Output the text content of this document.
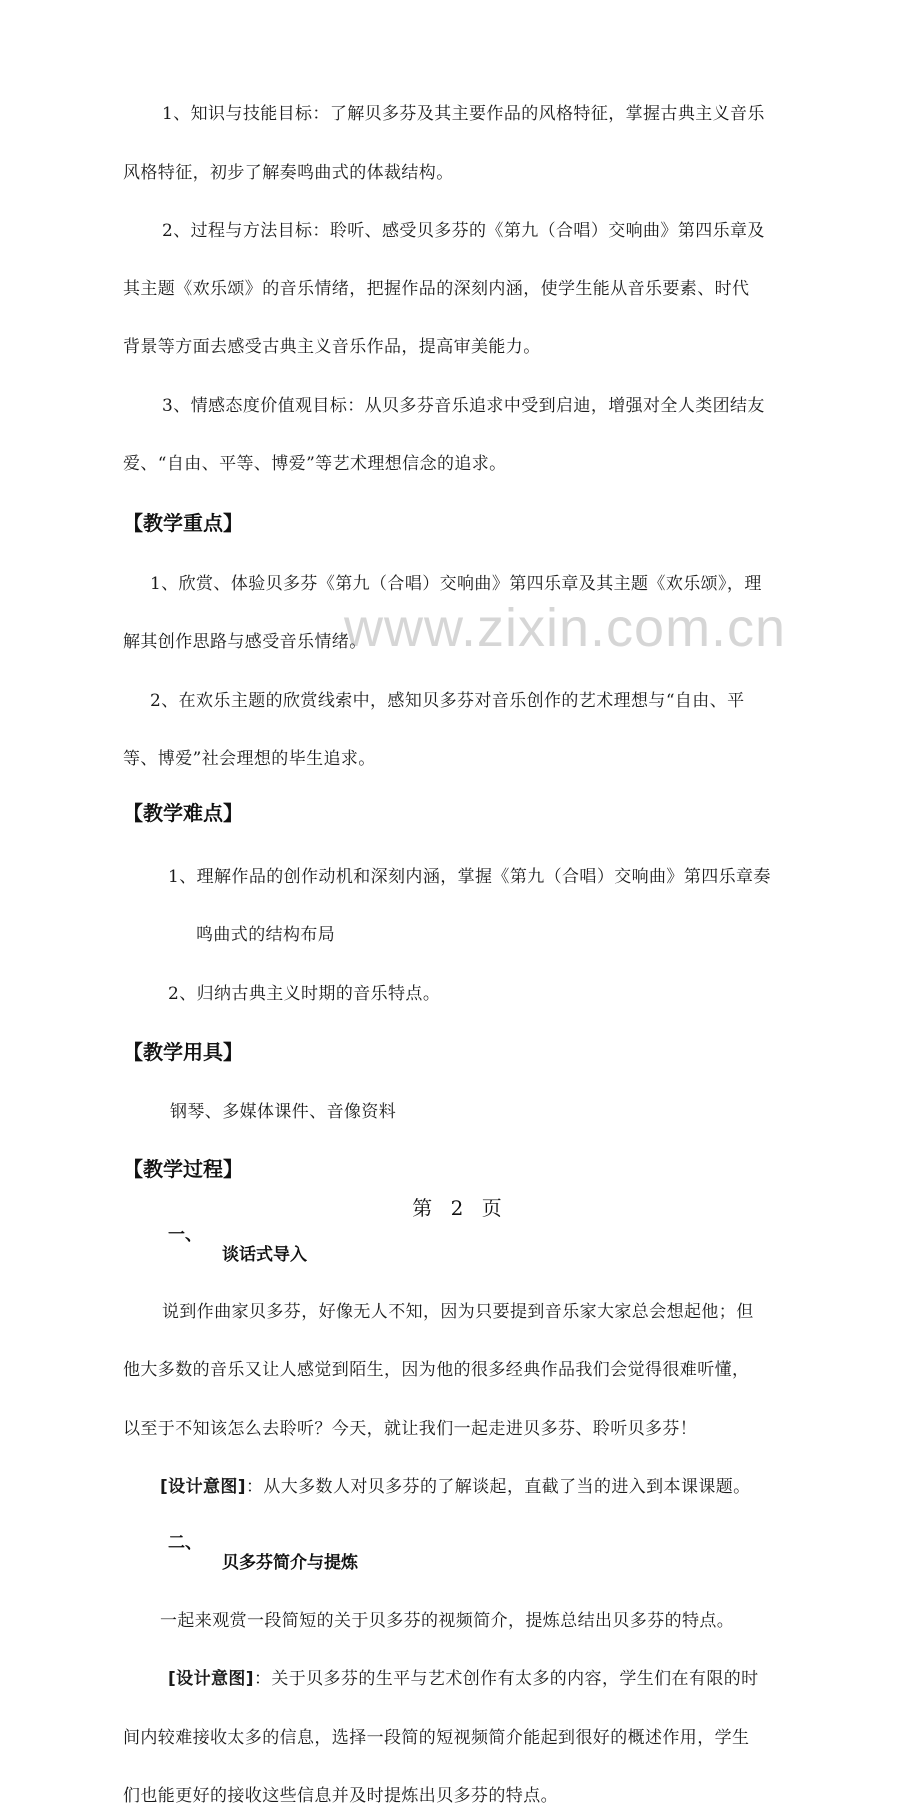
www.zixin.com.cn
1、知识与技能目标：了解贝多芬及其主要作品的风格特征，掌握古典主义音乐
风格特征，初步了解奏鸣曲式的体裁结构。
2、过程与方法目标：聆听、感受贝多芬的《第九（合唱）交响曲》第四乐章及
其主题《欢乐颂》的音乐情绪，把握作品的深刻内涵，使学生能从音乐要素、时代
背景等方面去感受古典主义音乐作品，提高审美能力。
3、情感态度价值观目标：从贝多芬音乐追求中受到启迪，增强对全人类团结友
爱、“自由、平等、博爱”等艺术理想信念的追求。
【教学重点】
1、欣赏、体验贝多芬《第九（合唱）交响曲》第四乐章及其主题《欢乐颂》，理
解其创作思路与感受音乐情绪。
2、在欢乐主题的欣赏线索中，感知贝多芬对音乐创作的艺术理想与“自由、平
等、博爱”社会理想的毕生追求。
【教学难点】
1、理解作品的创作动机和深刻内涵，掌握《第九（合唱）交响曲》第四乐章奏
鸣曲式的结构布局
2、归纳古典主义时期的音乐特点。
【教学用具】
钢琴、多媒体课件、音像资料
【教学过程】
一、
谈话式导入
说到作曲家贝多芬，好像无人不知，因为只要提到音乐家大家总会想起他；但
他大多数的音乐又让人感觉到陌生，因为他的很多经典作品我们会觉得很难听懂，
以至于不知该怎么去聆听？今天，就让我们一起走进贝多芬、聆听贝多芬！
[设计意图]：从大多数人对贝多芬的了解谈起，直截了当的进入到本课课题。
二、
贝多芬简介与提炼
一起来观赏一段简短的关于贝多芬的视频简介，提炼总结出贝多芬的特点。
[设计意图]：关于贝多芬的生平与艺术创作有太多的内容，学生们在有限的时
间内较难接收太多的信息，选择一段简的短视频简介能起到很好的概述作用，学生
们也能更好的接收这些信息并及时提炼出贝多芬的特点。
第 2 页
